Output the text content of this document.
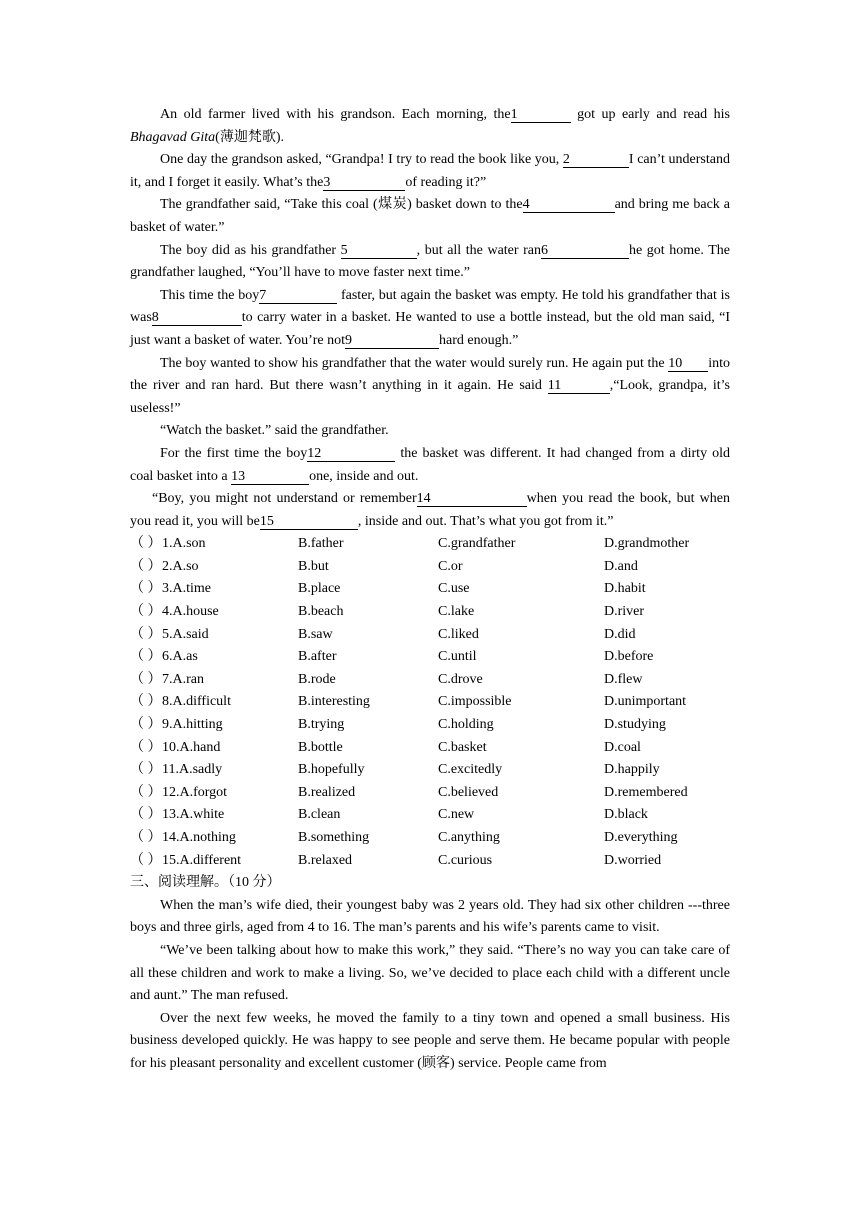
An old farmer lived with his grandson. Each morning, the1	got up early and read his Bhagavad Gita(薄迦梵歌).

One day the grandson asked, “Grandpa! I try to read the book like you, 2	I can’t understand it, and I forget it easily. What’s the3	of reading it?”

The grandfather said, “Take this coal (煤炭) basket down to the4	and bring me back a basket of water.”

The boy did as his grandfather 5	, but all the water ran6	he got home. The grandfather laughed, “You’ll have to move faster next time.”

This time the boy7	faster, but again the basket was empty. He told his grandfather that is was8	to carry water in a basket. He wanted to use a bottle instead, but the old man said, “I just want a basket of water. You’re not9	hard enough.”

The boy wanted to show his grandfather that the water would surely run. He again put the 10 into the river and ran hard. But there wasn’t anything in it again. He said 11	,“Look, grandpa, it’s useless!”

“Watch the basket.” said the grandfather.

For the first time the boy12	the basket was different. It had changed from a dirty old coal basket into a 13	one, inside and out.

“Boy, you might not understand or remember14	when you read the book, but when you read it, you will be15	, inside and out. That’s what you got from it.”

（ ） 1.A.son	B.father	C.grandfather	D.grandmother
（ ） 2.A.so	B.but	C.or	D.and
（ ） 3.A.time	B.place	C.use	D.habit
（ ） 4.A.house	B.beach	C.lake	D.river
（ ） 5.A.said	B.saw	C.liked	D.did
（ ） 6.A.as	B.after	C.until	D.before
（ ） 7.A.ran	B.rode	C.drove	D.flew
（ ） 8.A.difficult	B.interesting	C.impossible	D.unimportant
（ ） 9.A.hitting	B.trying	C.holding	D.studying
（ ） 10.A.hand	B.bottle	C.basket	D.coal
（ ） 11.A.sadly	B.hopefully	C.excitedly	D.happily
（ ） 12.A.forgot	B.realized	C.believed	D.remembered
（ ） 13.A.white	B.clean	C.new	D.black
（ ） 14.A.nothing	B.something	C.anything	D.everything
（ ） 15.A.different	B.relaxed	C.curious	D.worried

三、阅读理解。（10 分）

When the man’s wife died, their youngest baby was 2 years old. They had six other children ---three boys and three girls, aged from 4 to 16. The man’s parents and his wife’s parents came to visit.

“We’ve been talking about how to make this work,” they said. “There’s no way you can take care of all these children and work to make a living. So, we’ve decided to place each child with a different uncle and aunt.” The man refused.

Over the next few weeks, he moved the family to a tiny town and opened a small business. His business developed quickly. He was happy to see people and serve them. He became popular with people for his pleasant personality and excellent customer (顾客) service. People came from
